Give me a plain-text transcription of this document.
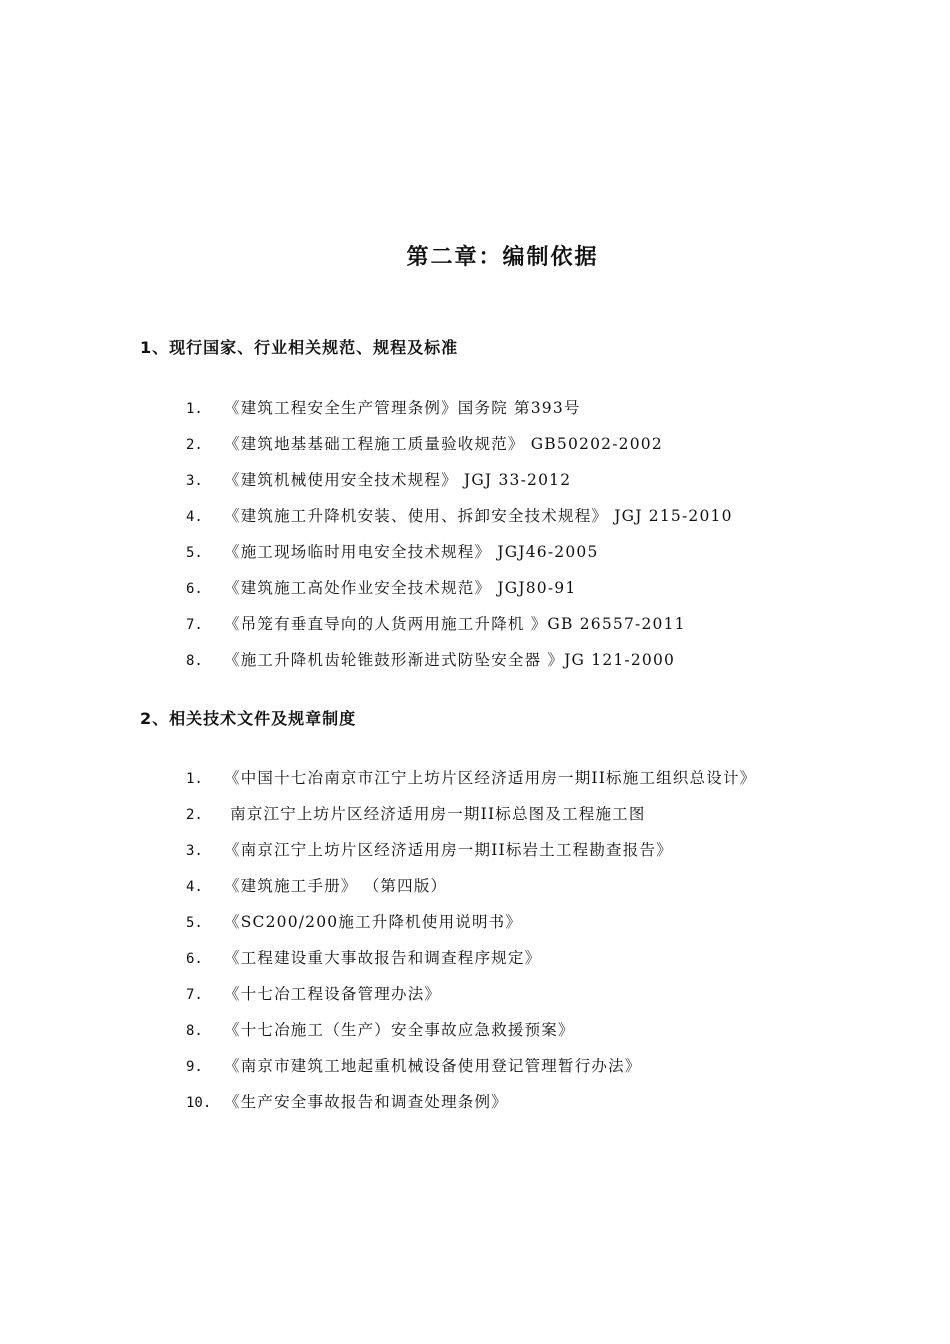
第二章：编制依据
1、现行国家、行业相关规范、规程及标准
1. 《建筑工程安全生产管理条例》国务院 第393号
2. 《建筑地基基础工程施工质量验收规范》 GB50202-2002
3. 《建筑机械使用安全技术规程》 JGJ 33-2012
4. 《建筑施工升降机安装、使用、拆卸安全技术规程》 JGJ 215-2010
5. 《施工现场临时用电安全技术规程》 JGJ46-2005
6. 《建筑施工高处作业安全技术规范》 JGJ80-91
7. 《吊笼有垂直导向的人货两用施工升降机 》GB 26557-2011
8. 《施工升降机齿轮锥鼓形渐进式防坠安全器 》JG 121-2000
2、相关技术文件及规章制度
1. 《中国十七冶南京市江宁上坊片区经济适用房一期II标施工组织总设计》
2. 南京江宁上坊片区经济适用房一期II标总图及工程施工图
3. 《南京江宁上坊片区经济适用房一期II标岩土工程勘查报告》
4. 《建筑施工手册》 （第四版）
5. 《SC200/200施工升降机使用说明书》
6. 《工程建设重大事故报告和调查程序规定》
7. 《十七冶工程设备管理办法》
8. 《十七冶施工（生产）安全事故应急救援预案》
9. 《南京市建筑工地起重机械设备使用登记管理暂行办法》
10. 《生产安全事故报告和调查处理条例》
